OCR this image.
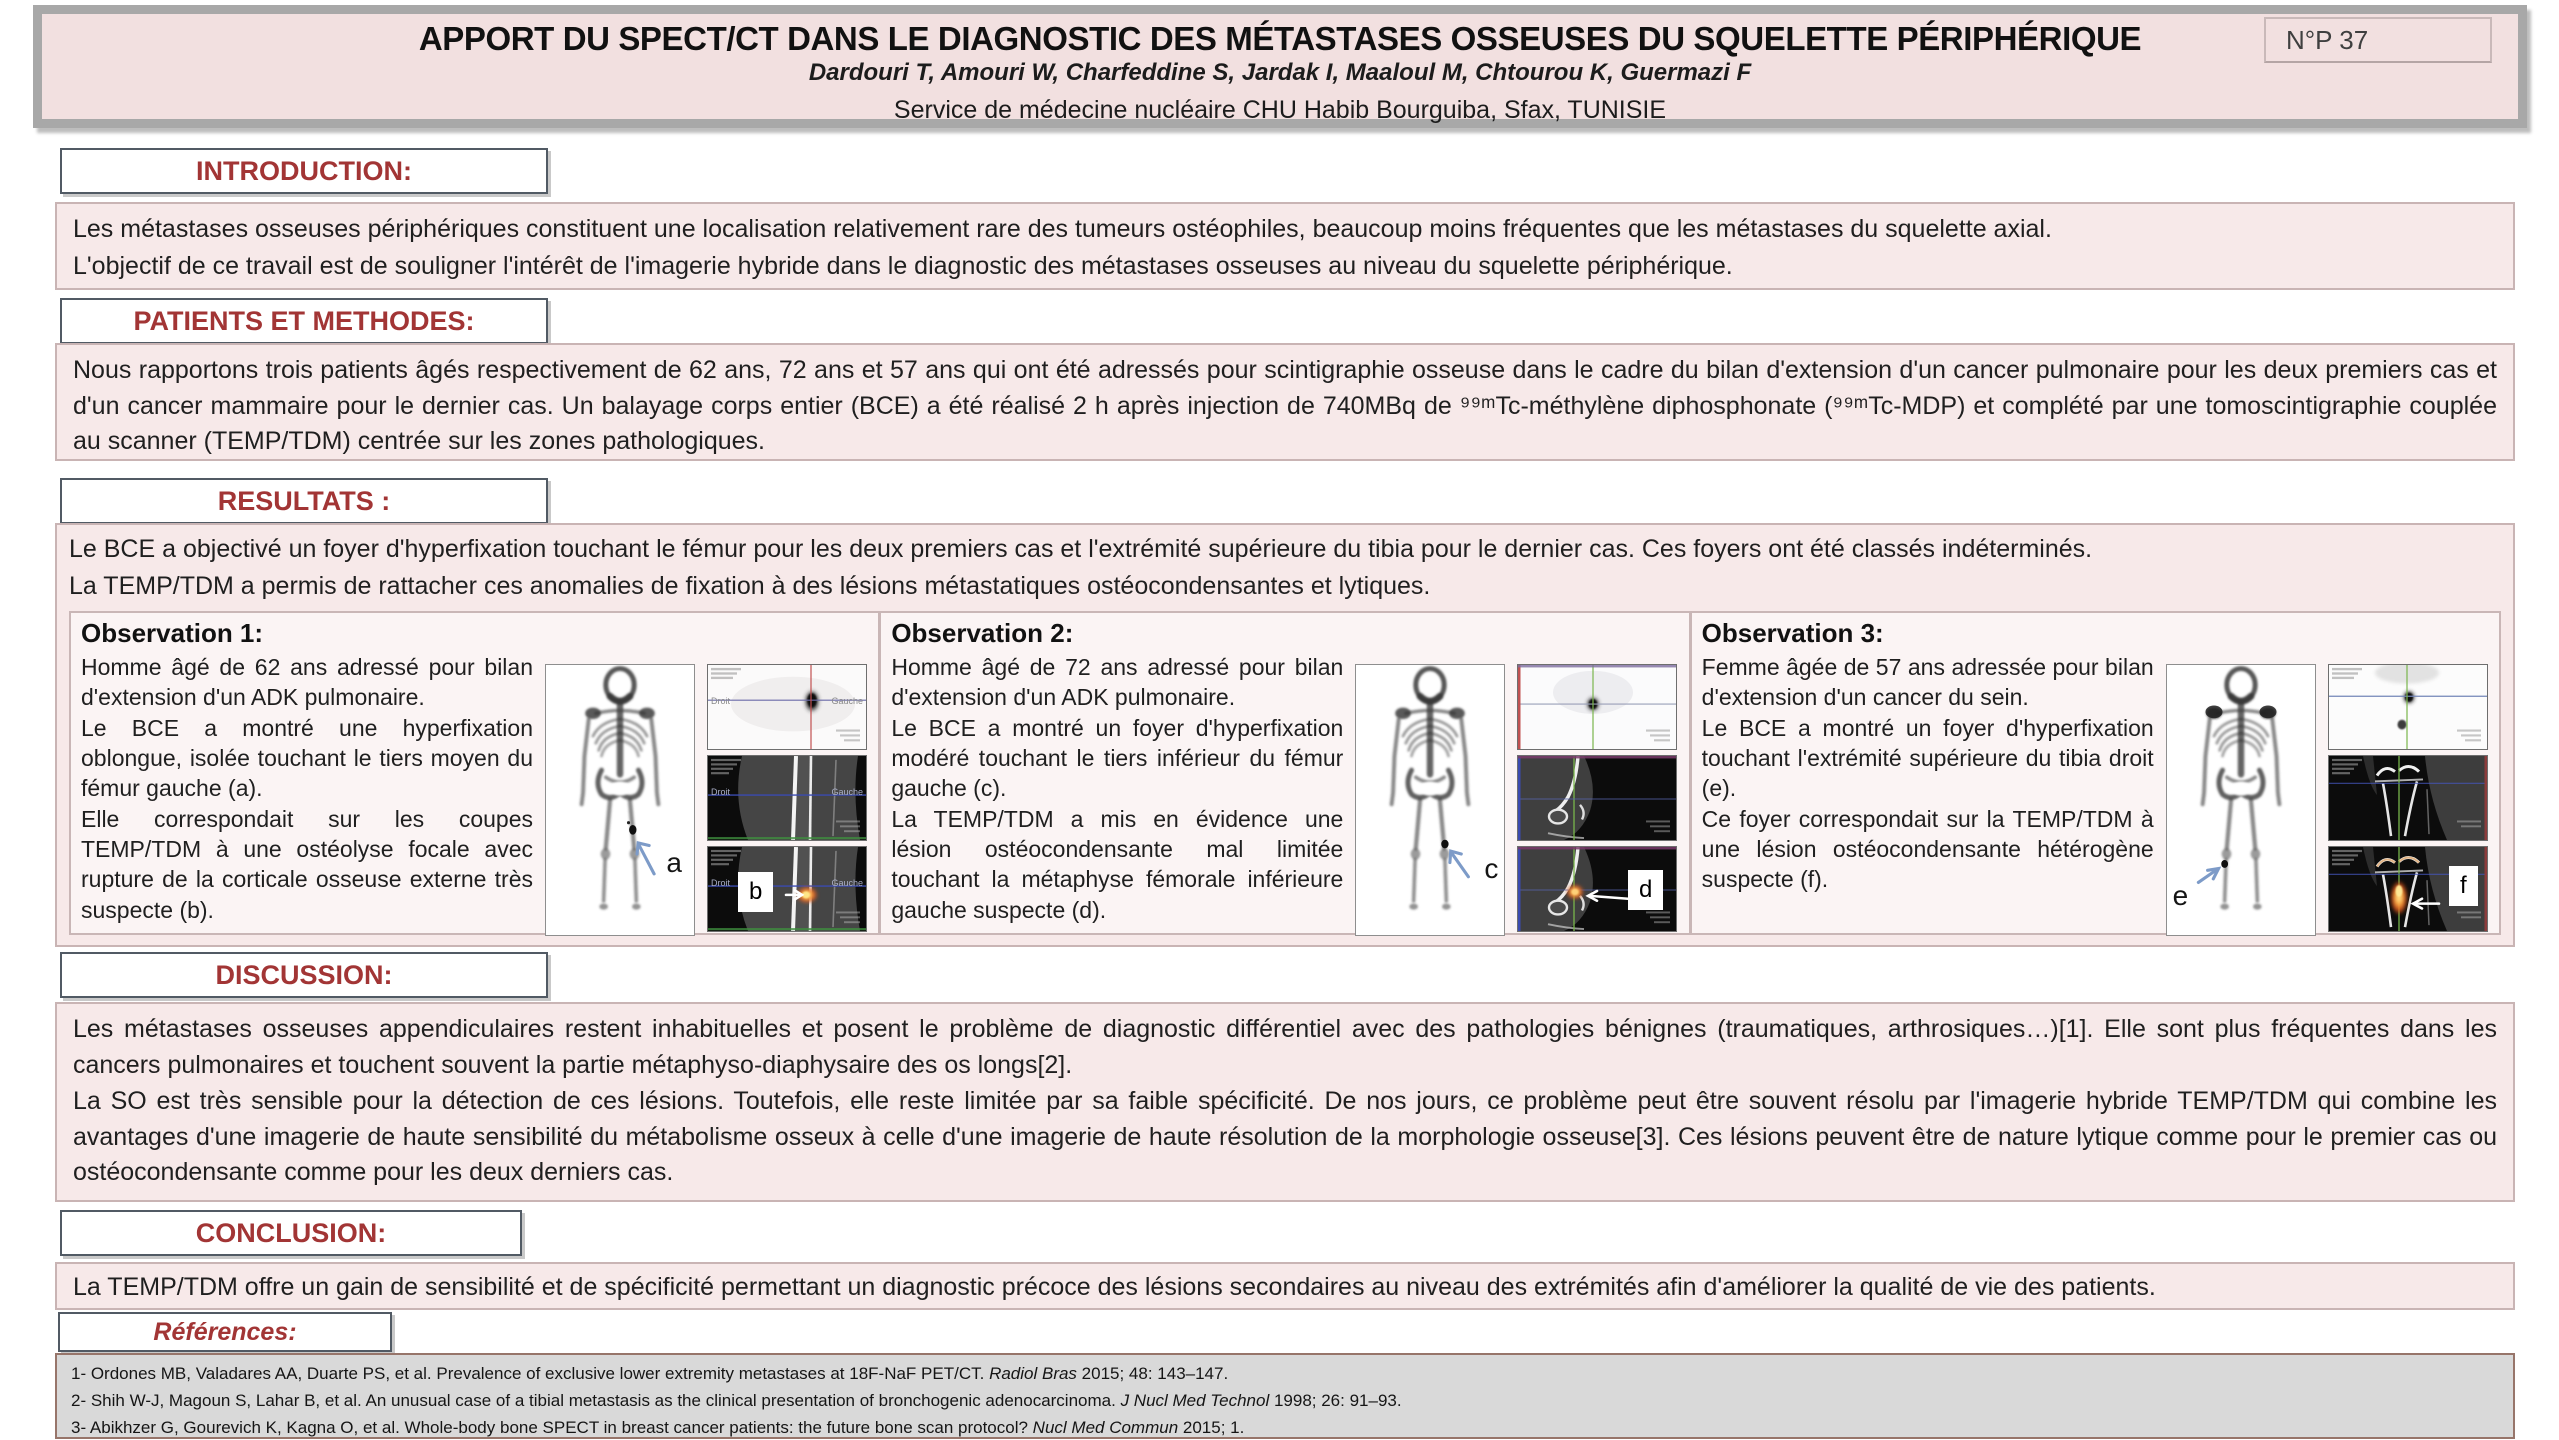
N°P 37
APPORT DU SPECT/CT DANS LE DIAGNOSTIC DES MÉTASTASES OSSEUSES DU SQUELETTE PÉRIPHÉRIQUE
Dardouri T, Amouri W, Charfeddine S, Jardak I, Maaloul M, Chtourou K, Guermazi F
Service de médecine nucléaire CHU Habib Bourguiba, Sfax, TUNISIE
INTRODUCTION:

Les métastases osseuses périphériques constituent une localisation relativement rare des tumeurs ostéophiles, beaucoup moins fréquentes que les métastases du squelette axial.

L'objectif de ce travail est de souligner l'intérêt de l'imagerie hybride dans le diagnostic des métastases osseuses au niveau du squelette périphérique.

PATIENTS ET METHODES:

Nous rapportons trois patients âgés respectivement de 62 ans, 72 ans et 57 ans qui ont été adressés pour scintigraphie osseuse dans le cadre du bilan d'extension d'un cancer pulmonaire pour les deux premiers cas et d'un cancer mammaire pour le dernier cas. Un balayage corps entier (BCE) a été réalisé 2 h après injection de 740MBq de ⁹⁹ᵐTc-méthylène diphosphonate (⁹⁹ᵐTc-MDP) et complété par une tomoscintigraphie couplée au scanner (TEMP/TDM) centrée sur les zones pathologiques.

RESULTATS :

Le BCE a objectivé un foyer d'hyperfixation touchant le fémur pour les deux premiers cas et l'extrémité supérieure du tibia pour le dernier cas. Ces foyers ont été classés indéterminés.

La TEMP/TDM a permis de rattacher ces anomalies de fixation à des lésions métastatiques ostéocondensantes et lytiques.

Observation 1:

Homme âgé de 62 ans adressé pour bilan d'extension d'un ADK pulmonaire.

Le BCE a montré une hyperfixation oblongue, isolée touchant le tiers moyen du fémur gauche (a).

Elle correspondait sur les coupes TEMP/TDM à une ostéolyse focale avec rupture de la corticale osseuse externe très suspecte (b).

a
Droit	Gauche
Droit	Gauche
b
Droit	Gauche
Observation 2:

Homme âgé de 72 ans adressé pour bilan d'extension d'un ADK pulmonaire.

Le BCE a montré un foyer d'hyperfixation modéré touchant le tiers inférieur du fémur gauche (c).

La TEMP/TDM a mis en évidence une lésion ostéocondensante mal limitée touchant la métaphyse fémorale inférieure gauche suspecte (d).

c
d
Observation 3:

Femme âgée de 57 ans adressée pour bilan d'extension d'un cancer du sein.

Le BCE a montré un foyer d'hyperfixation touchant l'extrémité supérieure du tibia droit (e).

Ce foyer correspondait sur la TEMP/TDM à une lésion ostéocondensante hétérogène suspecte (f).

e	f
DISCUSSION:

Les métastases osseuses appendiculaires restent inhabituelles et posent le problème de diagnostic différentiel avec des pathologies bénignes (traumatiques, arthrosiques…)[1]. Elle sont plus fréquentes dans les cancers pulmonaires et touchent souvent la partie métaphyso-diaphysaire des os longs[2].

La SO est très sensible pour la détection de ces lésions. Toutefois, elle reste limitée par sa faible spécificité. De nos jours, ce problème peut être souvent résolu par l'imagerie hybride TEMP/TDM qui combine les avantages d'une imagerie de haute sensibilité du métabolisme osseux à celle d'une imagerie de haute résolution de la morphologie osseuse[3]. Ces lésions peuvent être de nature lytique comme pour le premier cas ou ostéocondensante comme pour les deux derniers cas.

CONCLUSION:

La TEMP/TDM offre un gain de sensibilité et de spécificité permettant un diagnostic précoce des lésions secondaires au niveau des extrémités afin d'améliorer la qualité de vie des patients.

Références:

1- Ordones MB, Valadares AA, Duarte PS, et al. Prevalence of exclusive lower extremity metastases at 18F-NaF PET/CT. Radiol Bras 2015; 48: 143–147.

2- Shih W-J, Magoun S, Lahar B, et al. An unusual case of a tibial metastasis as the clinical presentation of bronchogenic adenocarcinoma. J Nucl Med Technol 1998; 26: 91–93.

3- Abikhzer G, Gourevich K, Kagna O, et al. Whole-body bone SPECT in breast cancer patients: the future bone scan protocol? Nucl Med Commun 2015; 1.
